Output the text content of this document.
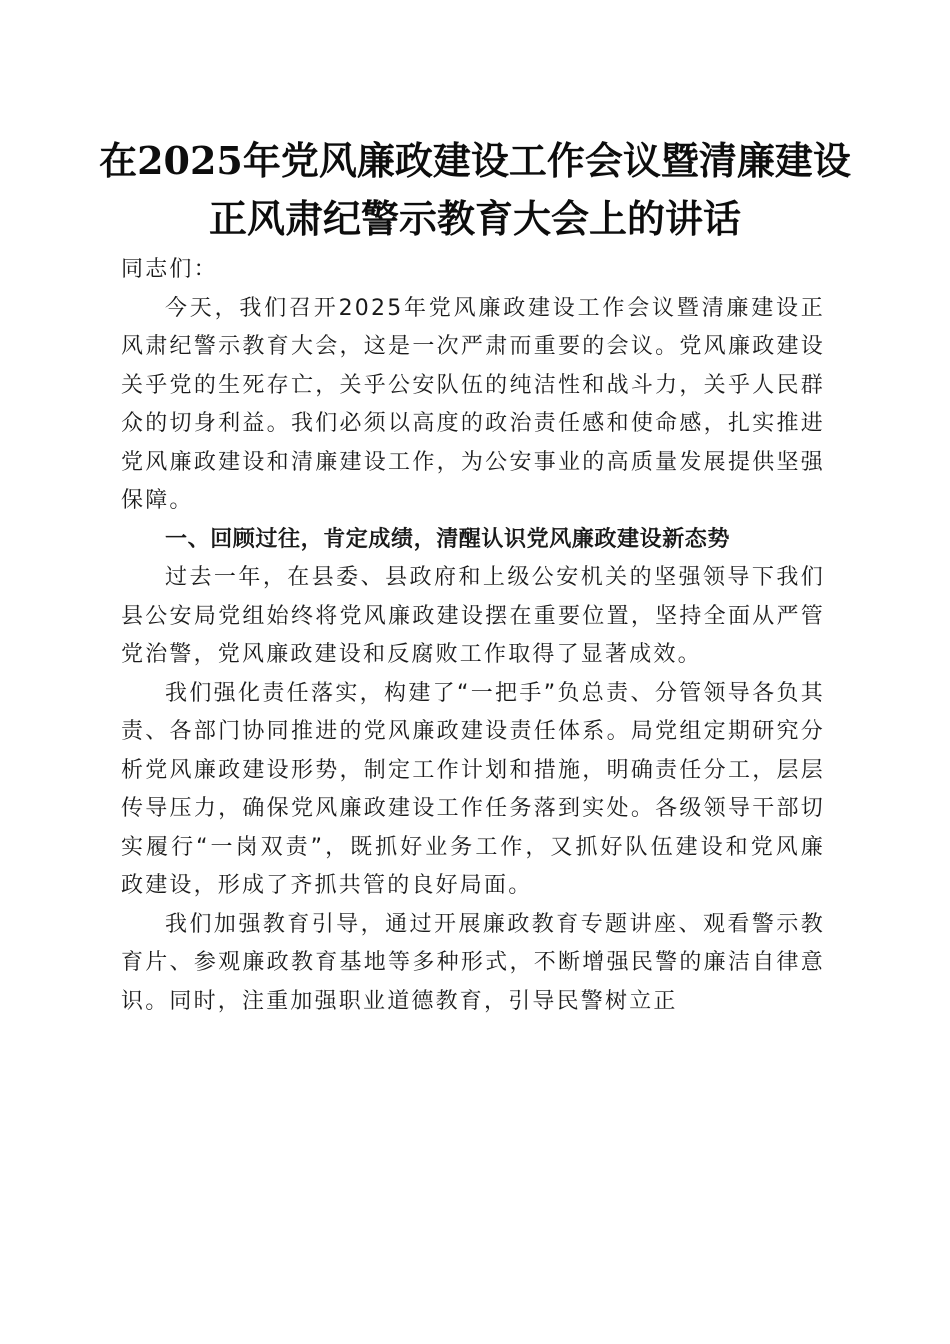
在2025年党风廉政建设工作会议暨清廉建设
正风肃纪警示教育大会上的讲话

同志们：

今天，我们召开2025年党风廉政建设工作会议暨清廉建设正风肃纪警示教育大会，这是一次严肃而重要的会议。党风廉政建设关乎党的生死存亡，关乎公安队伍的纯洁性和战斗力，关乎人民群众的切身利益。我们必须以高度的政治责任感和使命感，扎实推进党风廉政建设和清廉建设工作，为公安事业的高质量发展提供坚强保障。

一、回顾过往，肯定成绩，清醒认识党风廉政建设新态势

过去一年，在县委、县政府和上级公安机关的坚强领导下我们县公安局党组始终将党风廉政建设摆在重要位置，坚持全面从严管党治警，党风廉政建设和反腐败工作取得了显著成效。

我们强化责任落实，构建了“一把手”负总责、分管领导各负其责、各部门协同推进的党风廉政建设责任体系。局党组定期研究分析党风廉政建设形势，制定工作计划和措施，明确责任分工，层层传导压力，确保党风廉政建设工作任务落到实处。各级领导干部切实履行“一岗双责”，既抓好业务工作，又抓好队伍建设和党风廉政建设，形成了齐抓共管的良好局面。

我们加强教育引导，通过开展廉政教育专题讲座、观看警示教育片、参观廉政教育基地等多种形式，不断增强民警的廉洁自律意识。同时，注重加强职业道德教育，引导民警树立正
